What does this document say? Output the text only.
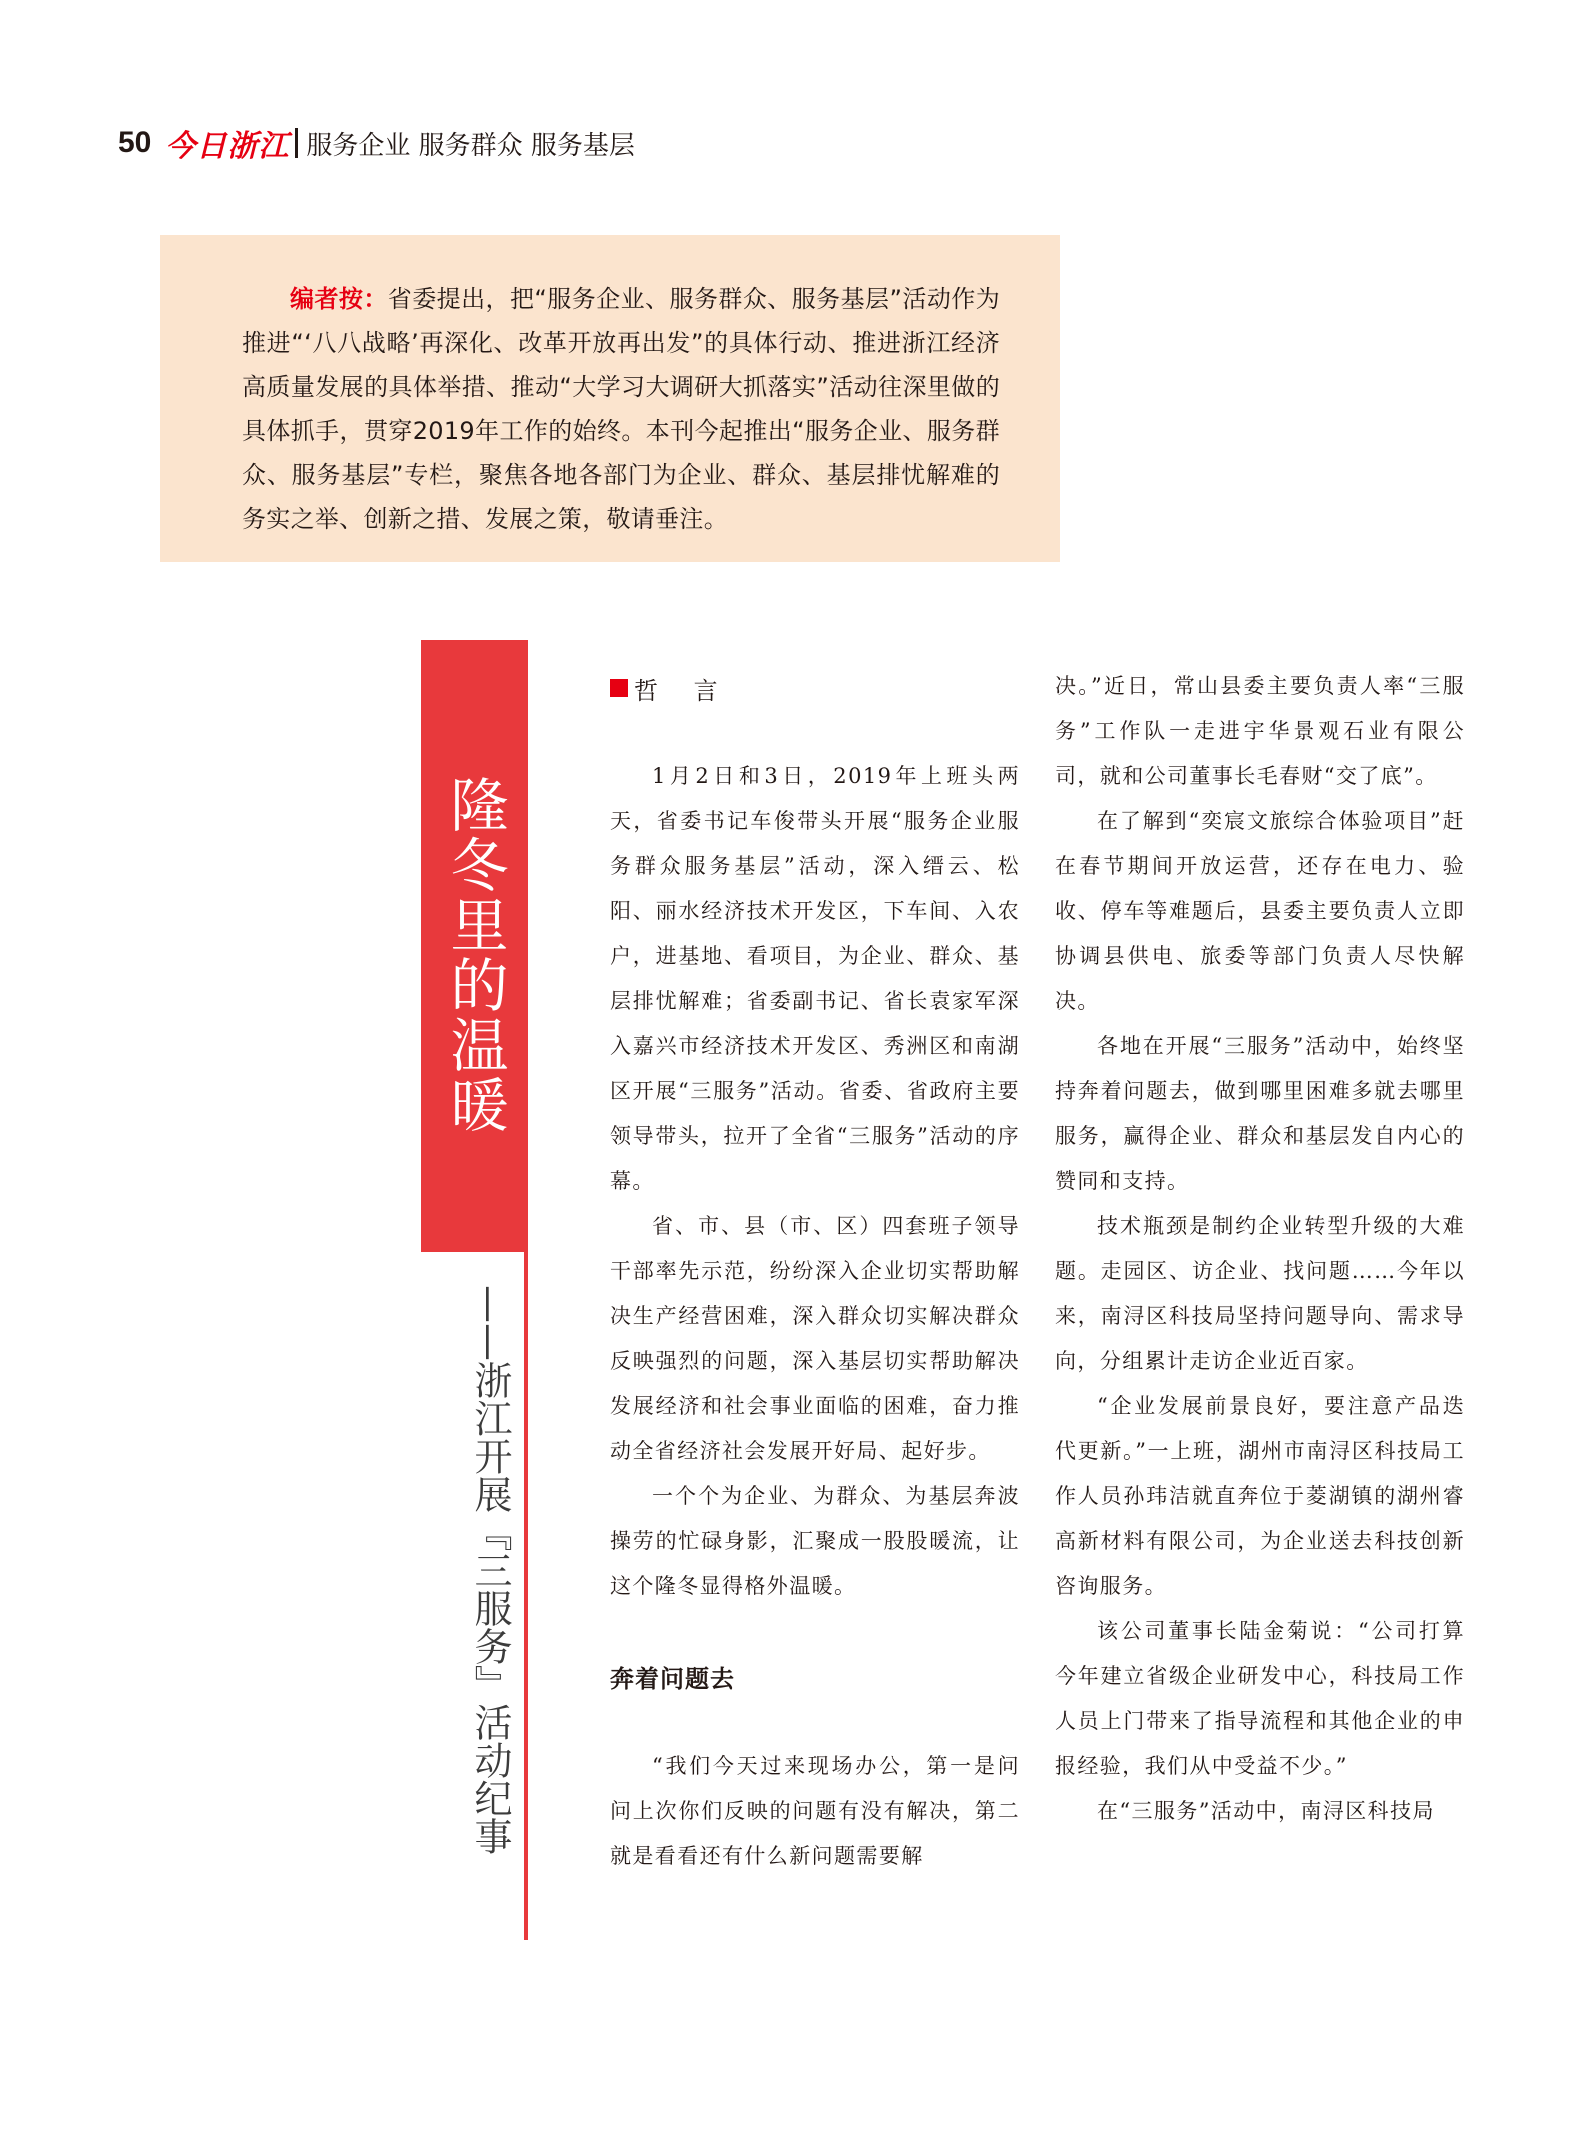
50 今日浙江 服务企业 服务群众 服务基层

编者按：省委提出，把“服务企业、服务群众、服务基层”活动作为推进“‘八八战略’再深化、改革开放再出发”的具体行动、推进浙江经济高质量发展的具体举措、推动“大学习大调研大抓落实”活动往深里做的具体抓手，贯穿2019年工作的始终。本刊今起推出“服务企业、服务群众、服务基层”专栏，聚焦各地各部门为企业、群众、基层排忧解难的务实之举、创新之措、发展之策，敬请垂注。

隆冬里的温暖
——浙江开展『三服务』活动纪事
哲 言

1月2日和3日，2019年上班头两天，省委书记车俊带头开展“服务企业服务群众服务基层”活动，深入缙云、松阳、丽水经济技术开发区，下车间、入农户，进基地、看项目，为企业、群众、基层排忧解难；省委副书记、省长袁家军深入嘉兴市经济技术开发区、秀洲区和南湖区开展“三服务”活动。省委、省政府主要领导带头，拉开了全省“三服务”活动的序幕。

省、市、县（市、区）四套班子领导干部率先示范，纷纷深入企业切实帮助解决生产经营困难，深入群众切实解决群众反映强烈的问题，深入基层切实帮助解决发展经济和社会事业面临的困难，奋力推动全省经济社会发展开好局、起好步。

一个个为企业、为群众、为基层奔波操劳的忙碌身影，汇聚成一股股暖流，让这个隆冬显得格外温暖。

奔着问题去

“我们今天过来现场办公，第一是问问上次你们反映的问题有没有解决，第二就是看看还有什么新问题需要解

决。”近日，常山县委主要负责人率“三服务”工作队一走进宇华景观石业有限公司，就和公司董事长毛春财“交了底”。

在了解到“奕宸文旅综合体验项目”赶在春节期间开放运营，还存在电力、验收、停车等难题后，县委主要负责人立即协调县供电、旅委等部门负责人尽快解决。

各地在开展“三服务”活动中，始终坚持奔着问题去，做到哪里困难多就去哪里服务，赢得企业、群众和基层发自内心的赞同和支持。

技术瓶颈是制约企业转型升级的大难题。走园区、访企业、找问题……今年以来，南浔区科技局坚持问题导向、需求导向，分组累计走访企业近百家。

“企业发展前景良好，要注意产品迭代更新。”一上班，湖州市南浔区科技局工作人员孙玮洁就直奔位于菱湖镇的湖州睿高新材料有限公司，为企业送去科技创新咨询服务。

该公司董事长陆金菊说：“公司打算今年建立省级企业研发中心，科技局工作人员上门带来了指导流程和其他企业的申报经验，我们从中受益不少。”

在“三服务”活动中，南浔区科技局
